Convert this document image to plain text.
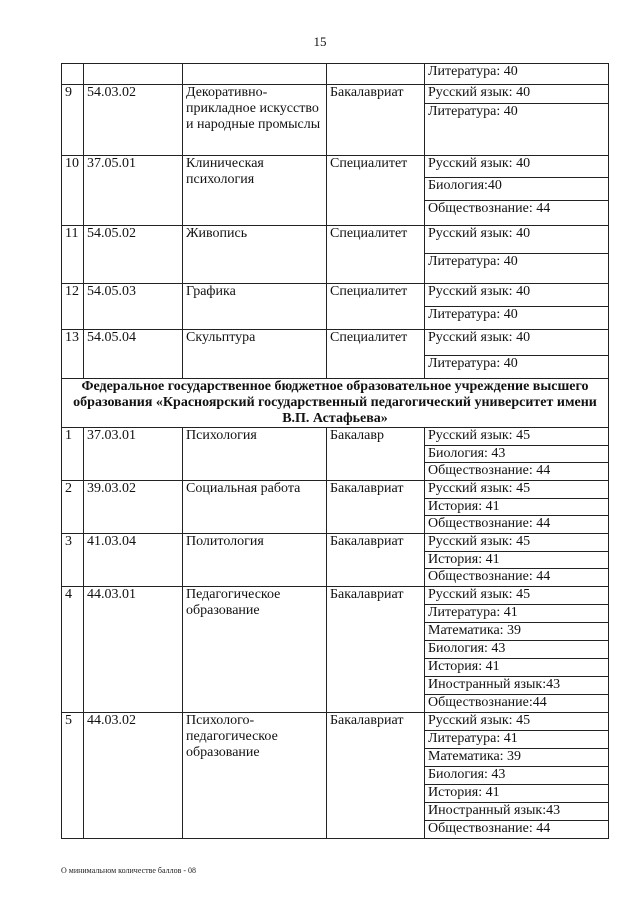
15
				Литература: 40
9	54.03.02	Декоративно-прикладное искусство и народные промыслы	Бакалавриат	Русский язык: 40
				Литература: 40
10	37.05.01	Клиническая психология	Специалитет	Русский язык: 40
				Биология:40
				Обществознание: 44
11	54.05.02	Живопись	Специалитет	Русский язык: 40
				Литература: 40
12	54.05.03	Графика	Специалитет	Русский язык: 40
				Литература: 40
13	54.05.04	Скульптура	Специалитет	Русский язык: 40
				Литература: 40
Федеральное государственное бюджетное образовательное учреждение высшего образования «Красноярский государственный педагогический университет имени В.П. Астафьева»				
1	37.03.01	Психология	Бакалавр	Русский язык: 45
				Биология: 43
				Обществознание: 44
2	39.03.02	Социальная работа	Бакалавриат	Русский язык: 45
				История: 41
				Обществознание: 44
3	41.03.04	Политология	Бакалавриат	Русский язык: 45
				История: 41
				Обществознание: 44
4	44.03.01	Педагогическое образование	Бакалавриат	Русский язык: 45
				Литература: 41
				Математика: 39
				Биология: 43
				История: 41
				Иностранный язык:43
				Обществознание:44
5	44.03.02	Психолого-педагогическое образование	Бакалавриат	Русский язык: 45
				Литература: 41
				Математика: 39
				Биология: 43
				История: 41
				Иностранный язык:43
				Обществознание: 44
О минимальном количестве баллов - 08
